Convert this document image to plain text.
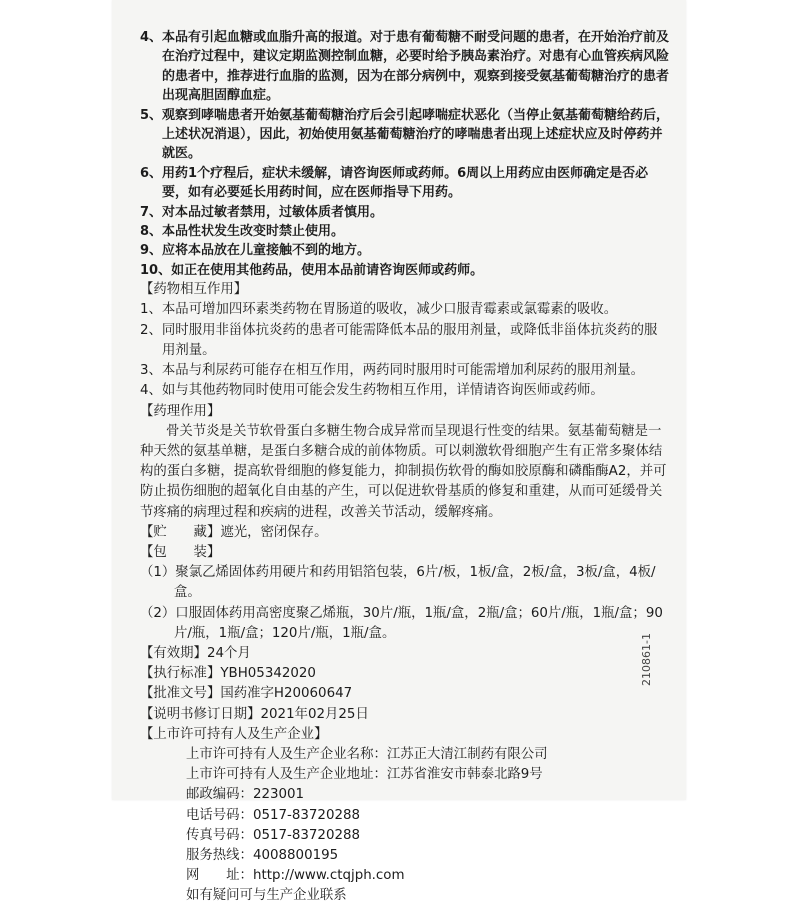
4、本品有引起血糖或血脂升高的报道。对于患有葡萄糖不耐受问题的患者，在开始治疗前及在治疗过程中，建议定期监测控制血糖，必要时给予胰岛素治疗。对患有心血管疾病风险的患者中，推荐进行血脂的监测，因为在部分病例中，观察到接受氨基葡萄糖治疗的患者出现高胆固醇血症。

5、观察到哮喘患者开始氨基葡萄糖治疗后会引起哮喘症状恶化（当停止氨基葡萄糖给药后，上述状况消退），因此，初始使用氨基葡萄糖治疗的哮喘患者出现上述症状应及时停药并就医。

6、用药1个疗程后，症状未缓解，请咨询医师或药师。6周以上用药应由医师确定是否必要，如有必要延长用药时间，应在医师指导下用药。

7、对本品过敏者禁用，过敏体质者慎用。

8、本品性状发生改变时禁止使用。

9、应将本品放在儿童接触不到的地方。

10、如正在使用其他药品，使用本品前请咨询医师或药师。

【药物相互作用】

1、本品可增加四环素类药物在胃肠道的吸收，减少口服青霉素或氯霉素的吸收。

2、同时服用非甾体抗炎药的患者可能需降低本品的服用剂量，或降低非甾体抗炎药的服用剂量。

3、本品与利尿药可能存在相互作用，两药同时服用时可能需增加利尿药的服用剂量。

4、如与其他药物同时使用可能会发生药物相互作用，详情请咨询医师或药师。

【药理作用】

骨关节炎是关节软骨蛋白多糖生物合成异常而呈现退行性变的结果。氨基葡萄糖是一种天然的氨基单糖，是蛋白多糖合成的前体物质。可以刺激软骨细胞产生有正常多聚体结构的蛋白多糖，提高软骨细胞的修复能力，抑制损伤软骨的酶如胶原酶和磷酯酶A2，并可防止损伤细胞的超氧化自由基的产生，可以促进软骨基质的修复和重建，从而可延缓骨关节疼痛的病理过程和疾病的进程，改善关节活动，缓解疼痛。

【贮　　藏】遮光，密闭保存。

【包　　装】

（1）聚氯乙烯固体药用硬片和药用铝箔包装，6片/板，1板/盒，2板/盒，3板/盒，4板/盒。

（2）口服固体药用高密度聚乙烯瓶，30片/瓶，1瓶/盒，2瓶/盒；60片/瓶，1瓶/盒；90片/瓶，1瓶/盒；120片/瓶，1瓶/盒。

【有效期】24个月

【执行标准】YBH05342020

【批准文号】国药准字H20060647

【说明书修订日期】2021年02月25日

【上市许可持有人及生产企业】

上市许可持有人及生产企业名称：江苏正大清江制药有限公司

上市许可持有人及生产企业地址：江苏省淮安市韩泰北路9号

邮政编码：223001

电话号码：0517-83720288

传真号码：0517-83720288

服务热线：4008800195

网　　址：http://www.ctqjph.com

如有疑问可与生产企业联系

210861-1
